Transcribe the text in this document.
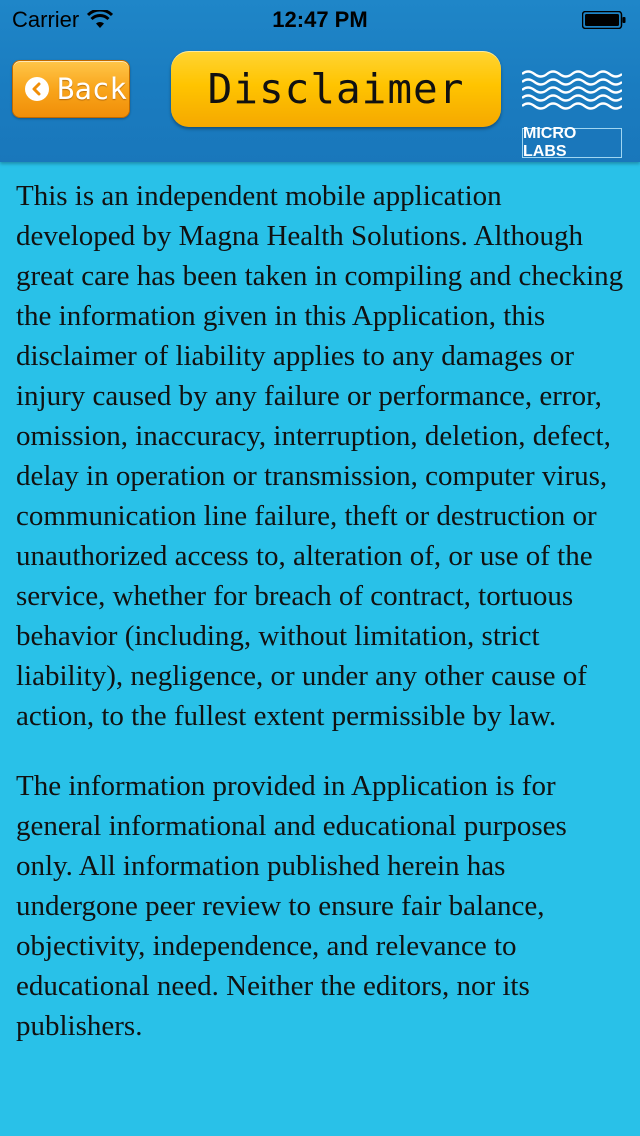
Carrier	12:47 PM
Back Disclaimer
MICRO LABS

This is an independent mobile application developed by Magna Health Solutions. Although great care has been taken in compiling and checking the information given in this Application, this disclaimer of liability applies to any damages or injury caused by any failure or performance, error, omission, inaccuracy, interruption, deletion, defect, delay in operation or transmission, computer virus, communication line failure, theft or destruction or unauthorized access to, alteration of, or use of the service, whether for breach of contract, tortuous behavior (including, without limitation, strict liability), negligence, or under any other cause of action, to the fullest extent permissible by law.

The information provided in Application is for general informational and educational purposes only. All information published herein has undergone peer review to ensure fair balance, objectivity, independence, and relevance to educational need. Neither the editors, nor its publishers.
